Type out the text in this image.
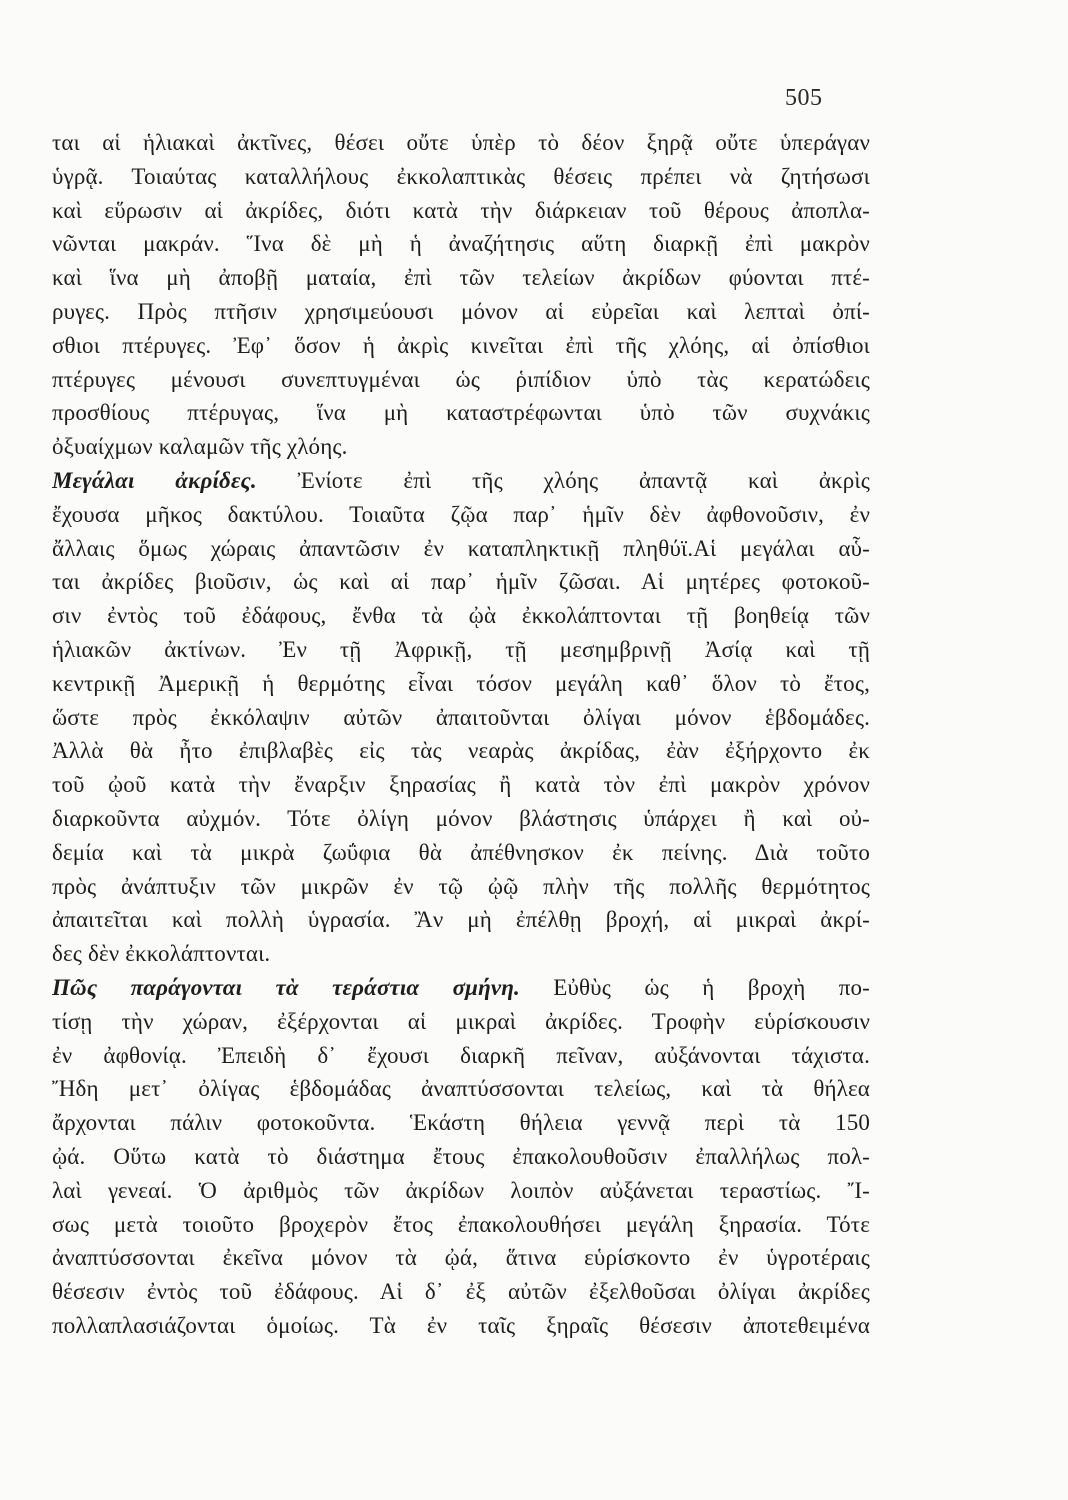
505
ται αἱ ἡλιακαὶ ἀκτῖνες, θέσει οὔτε ὑπὲρ τὸ δέον ξηρᾷ οὔτε ὑπεράγαν
ὑγρᾷ. Τοιαύτας καταλλήλους ἐκκολαπτικὰς θέσεις πρέπει νὰ ζητήσωσι
καὶ εὕρωσιν αἱ ἀκρίδες, διότι κατὰ τὴν διάρκειαν τοῦ θέρους ἀποπλα-
νῶνται μακράν. Ἵνα δὲ μὴ ἡ ἀναζήτησις αὕτη διαρκῇ ἐπὶ μακρὸν
καὶ ἵνα μὴ ἀποβῇ ματαία, ἐπὶ τῶν τελείων ἀκρίδων φύονται πτέ-
ρυγες. Πρὸς πτῆσιν χρησιμεύουσι μόνον αἱ εὐρεῖαι καὶ λεπταὶ ὀπί-
σθιοι πτέρυγες. Ἐφ᾽ ὅσον ἡ ἀκρὶς κινεῖται ἐπὶ τῆς χλόης, αἱ ὀπίσθιοι
πτέρυγες μένουσι συνεπτυγμέναι ὡς ῥιπίδιον ὑπὸ τὰς κερατώδεις
προσθίους πτέρυγας, ἵνα μὴ καταστρέφωνται ὑπὸ τῶν συχνάκις
ὀξυαίχμων καλαμῶν τῆς χλόης.
Μεγάλαι ἀκρίδες. Ἐνίοτε ἐπὶ τῆς χλόης ἀπαντᾷ καὶ ἀκρὶς
ἔχουσα μῆκος δακτύλου. Τοιαῦτα ζῷα παρ᾽ ἡμῖν δὲν ἀφθονοῦσιν, ἐν
ἄλλαις ὅμως χώραις ἀπαντῶσιν ἐν καταπληκτικῇ πληθύϊ.Αἱ μεγάλαι αὗ-
ται ἀκρίδες βιοῦσιν, ὡς καὶ αἱ παρ᾽ ἡμῖν ζῶσαι. Αἱ μητέρες φοτοκοῦ-
σιν ἐντὸς τοῦ ἐδάφους, ἔνθα τὰ ᾠὰ ἐκκολάπτονται τῇ βοηθείᾳ τῶν
ἡλιακῶν ἀκτίνων. Ἐν τῇ Ἀφρικῇ, τῇ μεσημβρινῇ Ἀσίᾳ καὶ τῇ
κεντρικῇ Ἀμερικῇ ἡ θερμότης εἶναι τόσον μεγάλη καθ᾽ ὅλον τὸ ἔτος,
ὥστε πρὸς ἐκκόλαψιν αὐτῶν ἀπαιτοῦνται ὀλίγαι μόνον ἑβδομάδες.
Ἀλλὰ θὰ ἦτο ἐπιβλαβὲς εἰς τὰς νεαρὰς ἀκρίδας, ἐὰν ἐξήρχοντο ἐκ
τοῦ ᾠοῦ κατὰ τὴν ἔναρξιν ξηρασίας ἢ κατὰ τὸν ἐπὶ μακρὸν χρόνον
διαρκοῦντα αὐχμόν. Τότε ὀλίγη μόνον βλάστησις ὑπάρχει ἢ καὶ οὐ-
δεμία καὶ τὰ μικρὰ ζωΰφια θὰ ἀπέθνησκον ἐκ πείνης. Διὰ τοῦτο
πρὸς ἀνάπτυξιν τῶν μικρῶν ἐν τῷ ᾠῷ πλὴν τῆς πολλῆς θερμότητος
ἀπαιτεῖται καὶ πολλὴ ὑγρασία. Ἂν μὴ ἐπέλθῃ βροχή, αἱ μικραὶ ἀκρί-
δες δὲν ἐκκολάπτονται.
Πῶς παράγονται τὰ τεράστια σμήνη. Εὐθὺς ὡς ἡ βροχὴ πο-
τίσῃ τὴν χώραν, ἐξέρχονται αἱ μικραὶ ἀκρίδες. Τροφὴν εὑρίσκουσιν
ἐν ἀφθονίᾳ. Ἐπειδὴ δ᾽ ἔχουσι διαρκῆ πεῖναν, αὐξάνονται τάχιστα.
Ἤδη μετ᾽ ὀλίγας ἑβδομάδας ἀναπτύσσονται τελείως, καὶ τὰ θήλεα
ἄρχονται πάλιν φοτοκοῦντα. Ἑκάστη θήλεια γεννᾷ περὶ τὰ 150
ᾠά. Οὕτω κατὰ τὸ διάστημα ἔτους ἐπακολουθοῦσιν ἐπαλλήλως πολ-
λαὶ γενεαί. Ὁ ἀριθμὸς τῶν ἀκρίδων λοιπὸν αὐξάνεται τεραστίως. Ἴ-
σως μετὰ τοιοῦτο βροχερὸν ἔτος ἐπακολουθήσει μεγάλη ξηρασία. Τότε
ἀναπτύσσονται ἐκεῖνα μόνον τὰ ᾠά, ἅτινα εὑρίσκοντο ἐν ὑγροτέραις
θέσεσιν ἐντὸς τοῦ ἐδάφους. Αἱ δ᾽ ἐξ αὐτῶν ἐξελθοῦσαι ὀλίγαι ἀκρίδες
πολλαπλασιάζονται ὁμοίως. Τὰ ἐν ταῖς ξηραῖς θέσεσιν ἀποτεθειμένα
